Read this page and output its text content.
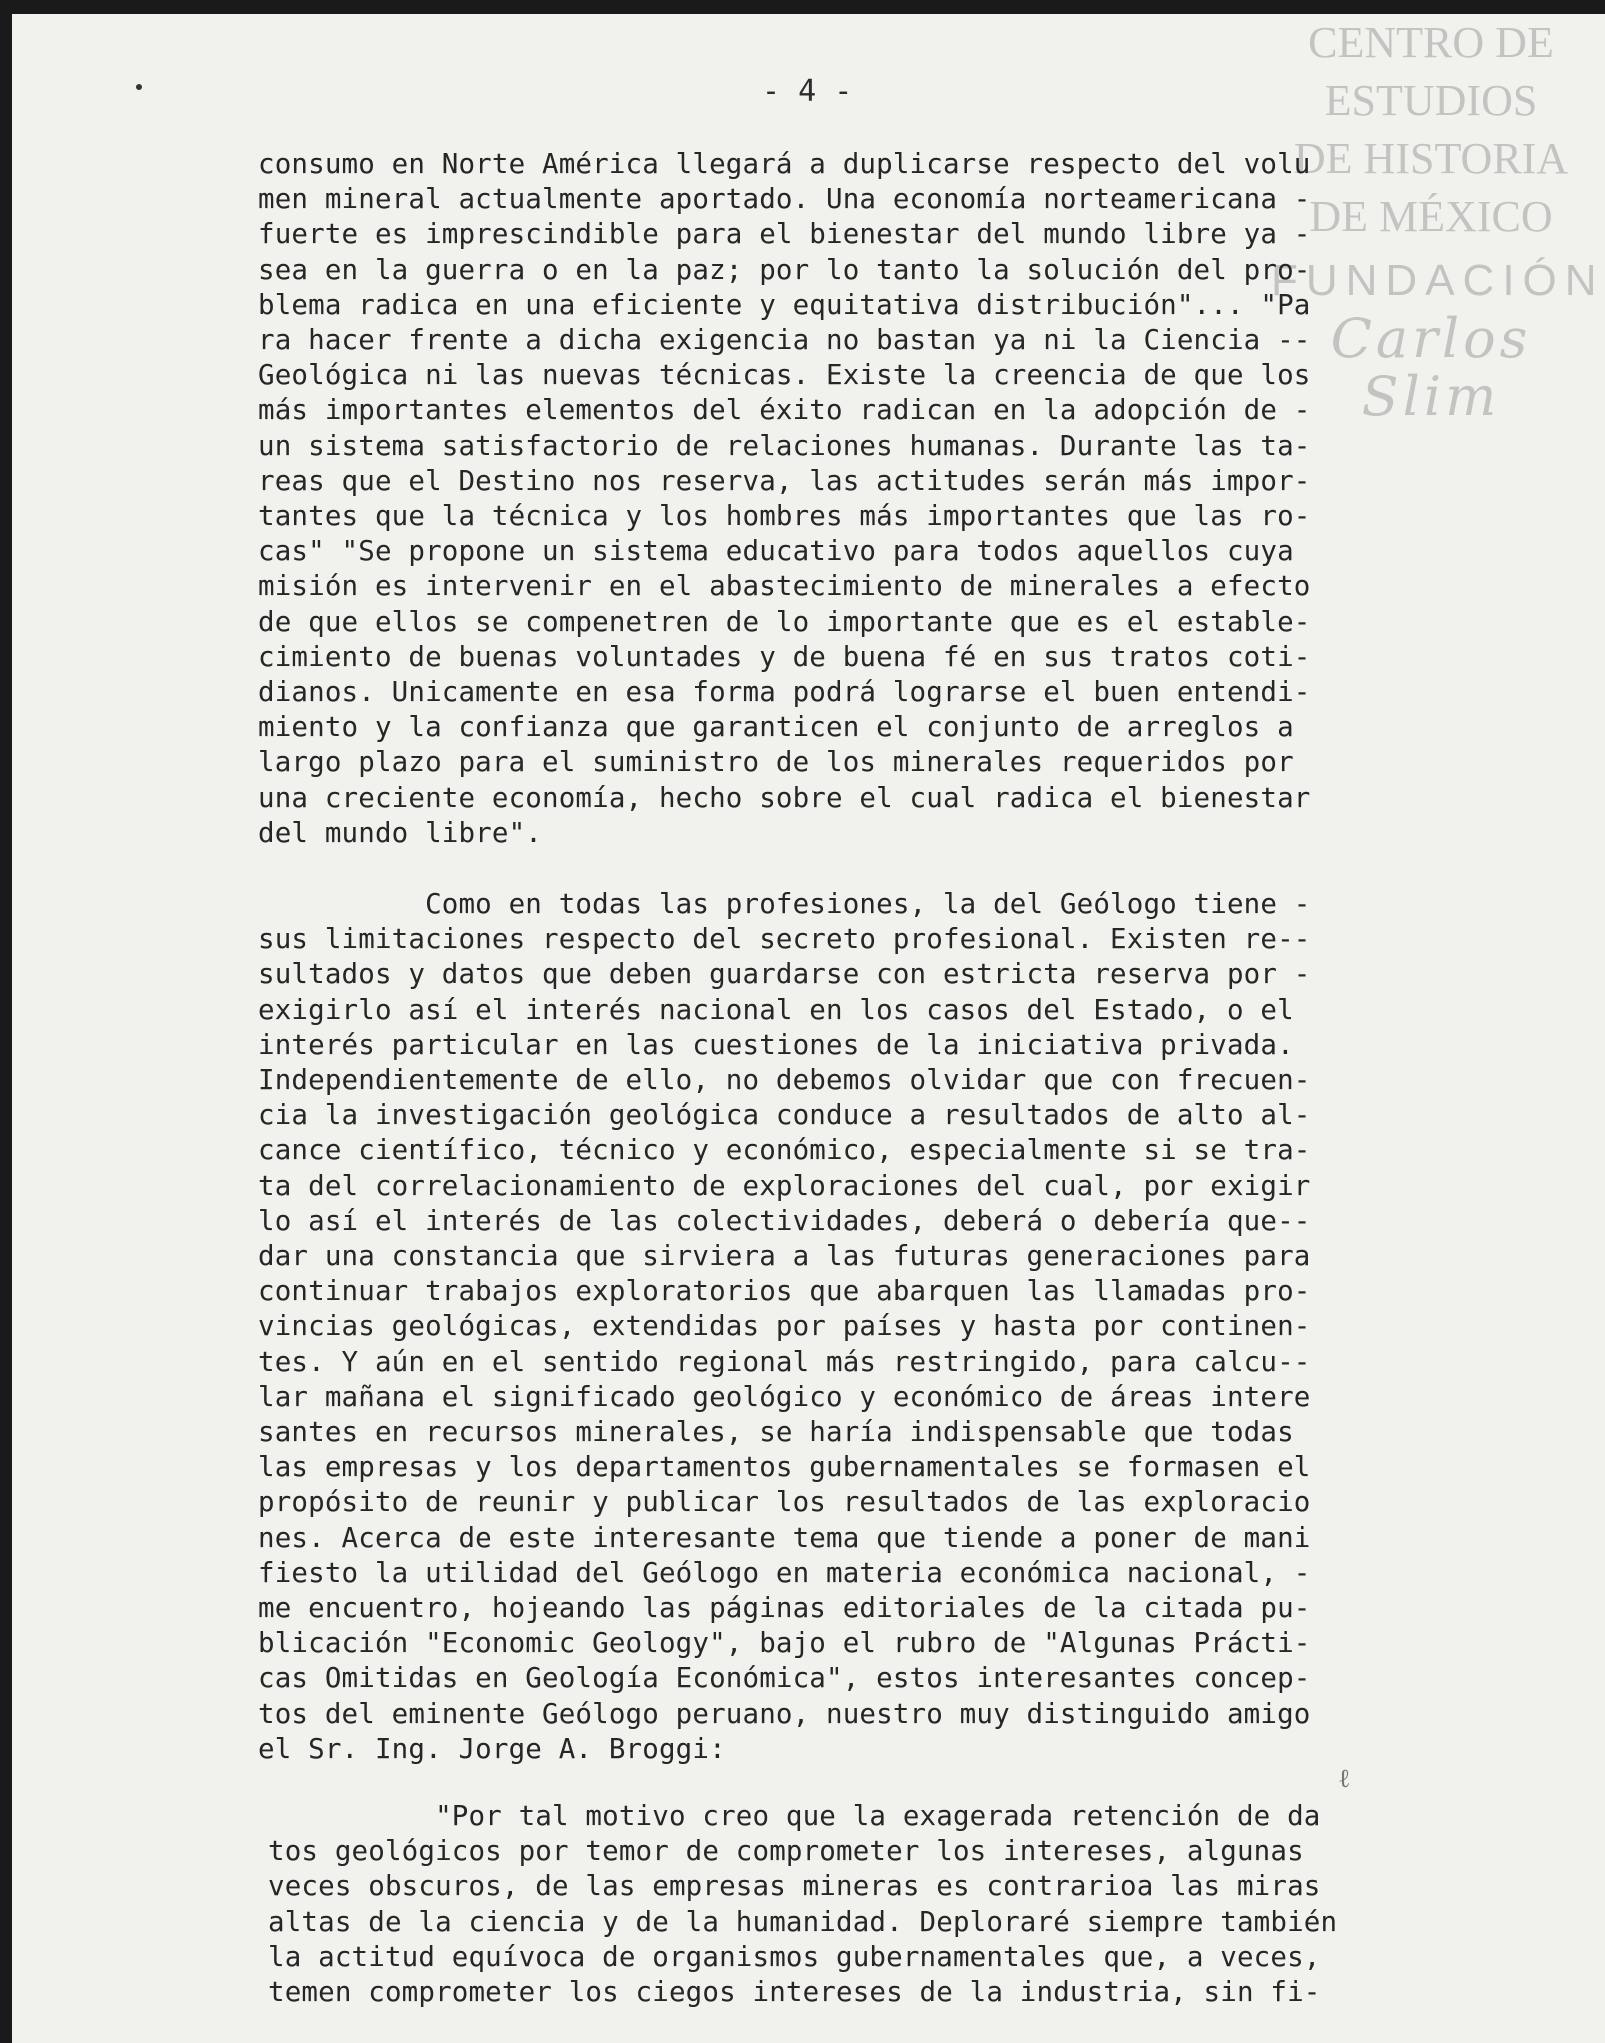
- 4 -
CENTRO DE
ESTUDIOS
DE HISTORIA
DE MÉXICO
FUNDACIÓN
Carlos Slim
consumo en Norte América llegará a duplicarse respecto del volu
men mineral actualmente aportado. Una economía norteamericana -
fuerte es imprescindible para el bienestar del mundo libre ya -
sea en la guerra o en la paz; por lo tanto la solución del pro-
blema radica en una eficiente y equitativa distribución"... "Pa
ra hacer frente a dicha exigencia no bastan ya ni la Ciencia --
Geológica ni las nuevas técnicas. Existe la creencia de que los
más importantes elementos del éxito radican en la adopción de -
un sistema satisfactorio de relaciones humanas. Durante las ta-
reas que el Destino nos reserva, las actitudes serán más impor-
tantes que la técnica y los hombres más importantes que las ro-
cas" "Se propone un sistema educativo para todos aquellos cuya
misión es intervenir en el abastecimiento de minerales a efecto
de que ellos se compenetren de lo importante que es el estable-
cimiento de buenas voluntades y de buena fé en sus tratos coti-
dianos. Unicamente en esa forma podrá lograrse el buen entendi-
miento y la confianza que garanticen el conjunto de arreglos a
largo plazo para el suministro de los minerales requeridos por
una creciente economía, hecho sobre el cual radica el bienestar
del mundo libre".
Como en todas las profesiones, la del Geólogo tiene -
sus limitaciones respecto del secreto profesional. Existen re--
sultados y datos que deben guardarse con estricta reserva por -
exigirlo así el interés nacional en los casos del Estado, o el
interés particular en las cuestiones de la iniciativa privada.
Independientemente de ello, no debemos olvidar que con frecuen-
cia la investigación geológica conduce a resultados de alto al-
cance científico, técnico y económico, especialmente si se tra-
ta del correlacionamiento de exploraciones del cual, por exigir
lo así el interés de las colectividades, deberá o debería que--
dar una constancia que sirviera a las futuras generaciones para
continuar trabajos exploratorios que abarquen las llamadas pro-
vincias geológicas, extendidas por países y hasta por continen-
tes. Y aún en el sentido regional más restringido, para calcu--
lar mañana el significado geológico y económico de áreas intere
santes en recursos minerales, se haría indispensable que todas
las empresas y los departamentos gubernamentales se formasen el
propósito de reunir y publicar los resultados de las exploracio
nes. Acerca de este interesante tema que tiende a poner de mani
fiesto la utilidad del Geólogo en materia económica nacional, -
me encuentro, hojeando las páginas editoriales de la citada pu-
blicación "Economic Geology", bajo el rubro de "Algunas Prácti-
cas Omitidas en Geología Económica", estos interesantes concep-
tos del eminente Geólogo peruano, nuestro muy distinguido amigo
el Sr. Ing. Jorge A. Broggi:
ℓ
"Por tal motivo creo que la exagerada retención de da
tos geológicos por temor de comprometer los intereses, algunas
veces obscuros, de las empresas mineras es contrarioa las miras
altas de la ciencia y de la humanidad. Deploraré siempre también
la actitud equívoca de organismos gubernamentales que, a veces,
temen comprometer los ciegos intereses de la industria, sin fi-
